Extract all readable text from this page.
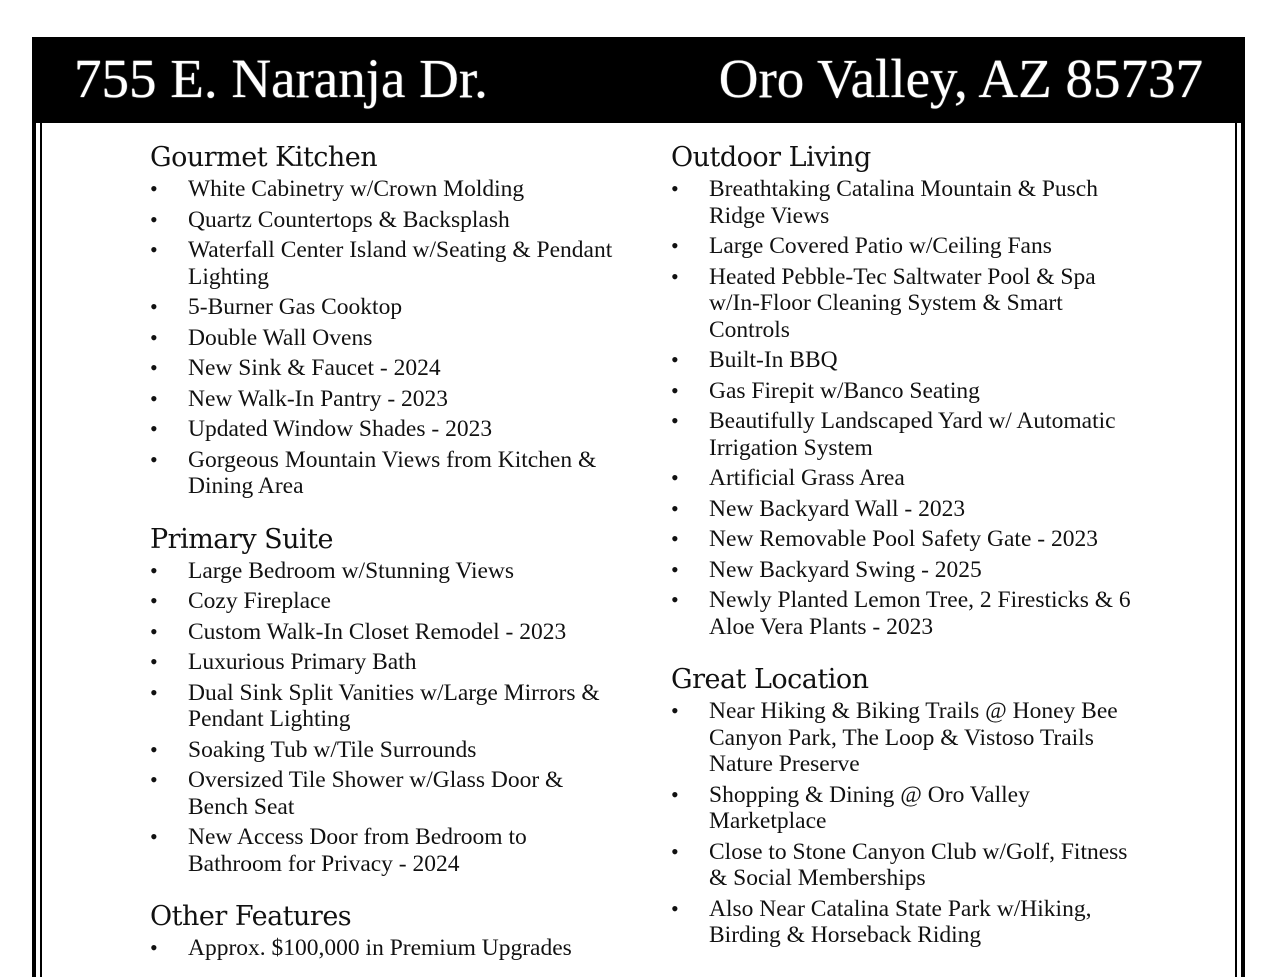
755 E. Naranja Dr.	Oro Valley, AZ 85737
Gourmet Kitchen
• White Cabinetry w/Crown Molding
• Quartz Countertops & Backsplash
• Waterfall Center Island w/Seating & Pendant Lighting
• 5-Burner Gas Cooktop
• Double Wall Ovens
• New Sink & Faucet - 2024
• New Walk-In Pantry - 2023
• Updated Window Shades - 2023
• Gorgeous Mountain Views from Kitchen & Dining Area
Primary Suite
• Large Bedroom w/Stunning Views
• Cozy Fireplace
• Custom Walk-In Closet Remodel - 2023
• Luxurious Primary Bath
• Dual Sink Split Vanities w/Large Mirrors & Pendant Lighting
• Soaking Tub w/Tile Surrounds
• Oversized Tile Shower w/Glass Door & Bench Seat
• New Access Door from Bedroom to Bathroom for Privacy - 2024
Other Features
• Approx. $100,000 in Premium Upgrades
Outdoor Living
• Breathtaking Catalina Mountain & Pusch Ridge Views
• Large Covered Patio w/Ceiling Fans
• Heated Pebble-Tec Saltwater Pool & Spa w/In-Floor Cleaning System & Smart Controls
• Built-In BBQ
• Gas Firepit w/Banco Seating
• Beautifully Landscaped Yard w/ Automatic Irrigation System
• Artificial Grass Area
• New Backyard Wall - 2023
• New Removable Pool Safety Gate - 2023
• New Backyard Swing - 2025
• Newly Planted Lemon Tree, 2 Firesticks & 6 Aloe Vera Plants - 2023
Great Location
• Near Hiking & Biking Trails @ Honey Bee Canyon Park, The Loop & Vistoso Trails Nature Preserve
• Shopping & Dining @ Oro Valley Marketplace
• Close to Stone Canyon Club w/Golf, Fitness & Social Memberships
• Also Near Catalina State Park w/Hiking, Birding & Horseback Riding
